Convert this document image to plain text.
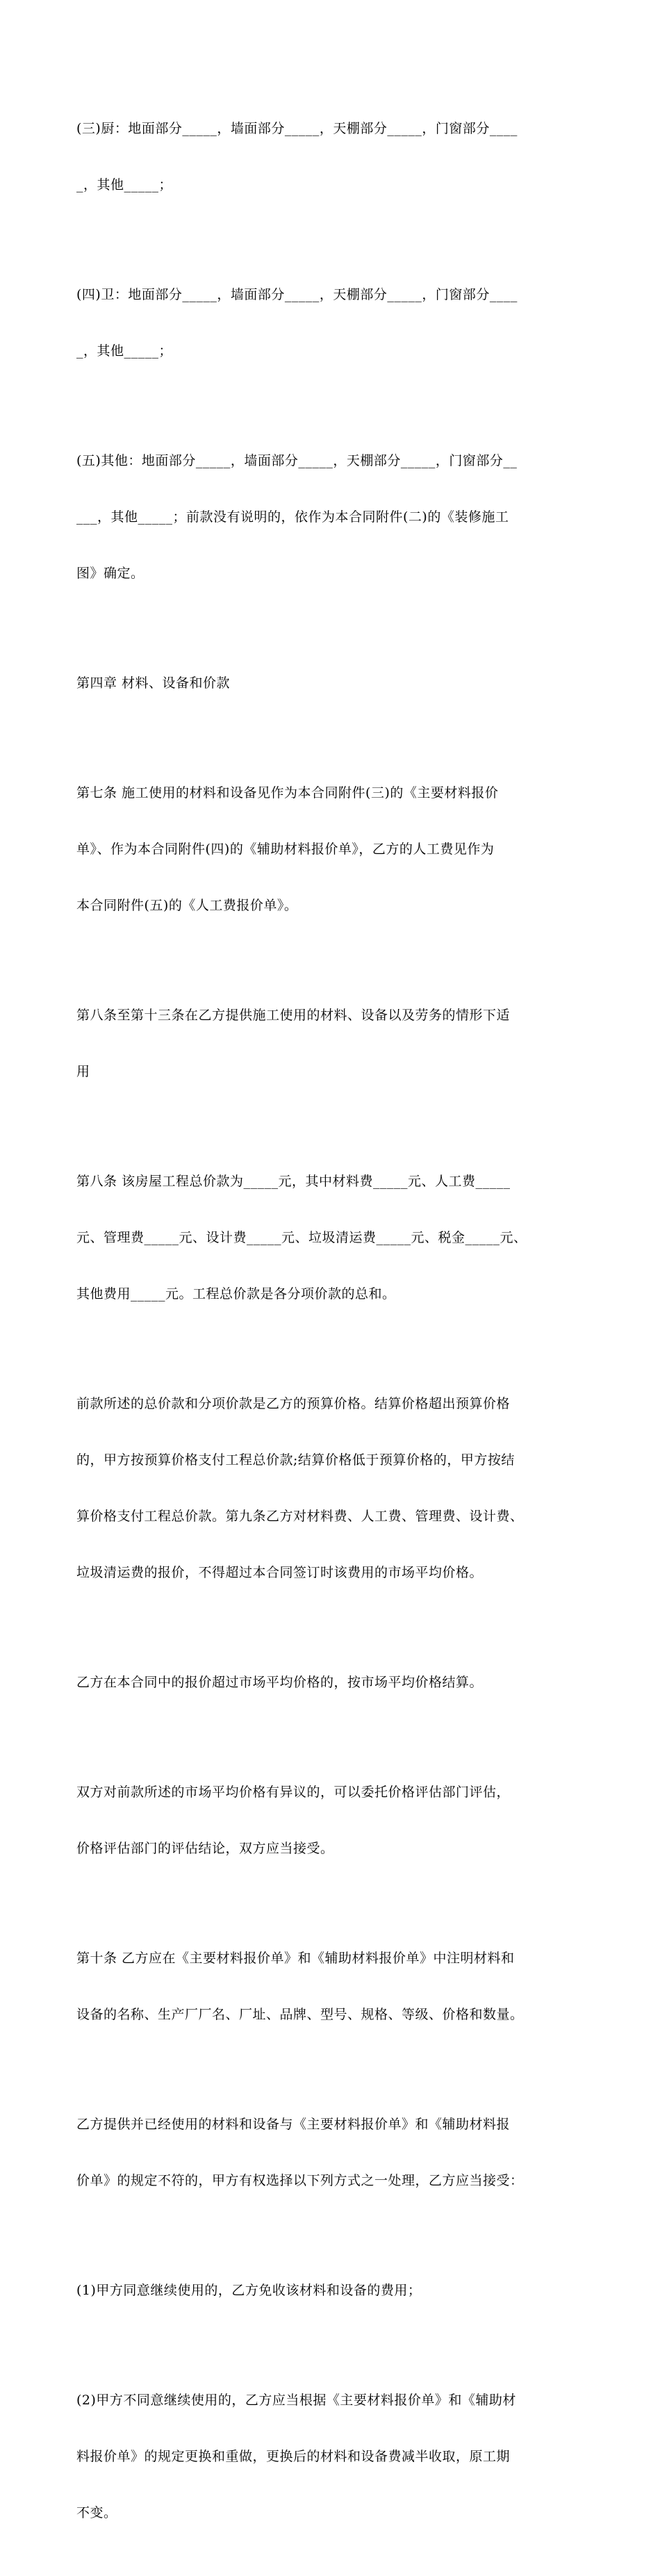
(三)厨：地面部分_____，墙面部分_____，天棚部分_____，门窗部分____

_，其他_____；

(四)卫：地面部分_____，墙面部分_____，天棚部分_____，门窗部分____

_，其他_____；

(五)其他：地面部分_____，墙面部分_____，天棚部分_____，门窗部分__

___，其他_____；前款没有说明的，依作为本合同附件(二)的《装修施工

图》确定。

第四章 材料、设备和价款

第七条 施工使用的材料和设备见作为本合同附件(三)的《主要材料报价

单》、作为本合同附件(四)的《辅助材料报价单》，乙方的人工费见作为

本合同附件(五)的《人工费报价单》。

第八条至第十三条在乙方提供施工使用的材料、设备以及劳务的情形下适

用

第八条 该房屋工程总价款为_____元，其中材料费_____元、人工费_____

元、管理费_____元、设计费_____元、垃圾清运费_____元、税金_____元、

其他费用_____元。工程总价款是各分项价款的总和。

前款所述的总价款和分项价款是乙方的预算价格。结算价格超出预算价格

的，甲方按预算价格支付工程总价款;结算价格低于预算价格的，甲方按结

算价格支付工程总价款。第九条乙方对材料费、人工费、管理费、设计费、

垃圾清运费的报价，不得超过本合同签订时该费用的市场平均价格。

乙方在本合同中的报价超过市场平均价格的，按市场平均价格结算。

双方对前款所述的市场平均价格有异议的，可以委托价格评估部门评估，

价格评估部门的评估结论，双方应当接受。

第十条 乙方应在《主要材料报价单》和《辅助材料报价单》中注明材料和

设备的名称、生产厂厂名、厂址、品牌、型号、规格、等级、价格和数量。

乙方提供并已经使用的材料和设备与《主要材料报价单》和《辅助材料报

价单》的规定不符的，甲方有权选择以下列方式之一处理，乙方应当接受：

(1)甲方同意继续使用的，乙方免收该材料和设备的费用；

(2)甲方不同意继续使用的，乙方应当根据《主要材料报价单》和《辅助材

料报价单》的规定更换和重做，更换后的材料和设备费减半收取，原工期

不变。
